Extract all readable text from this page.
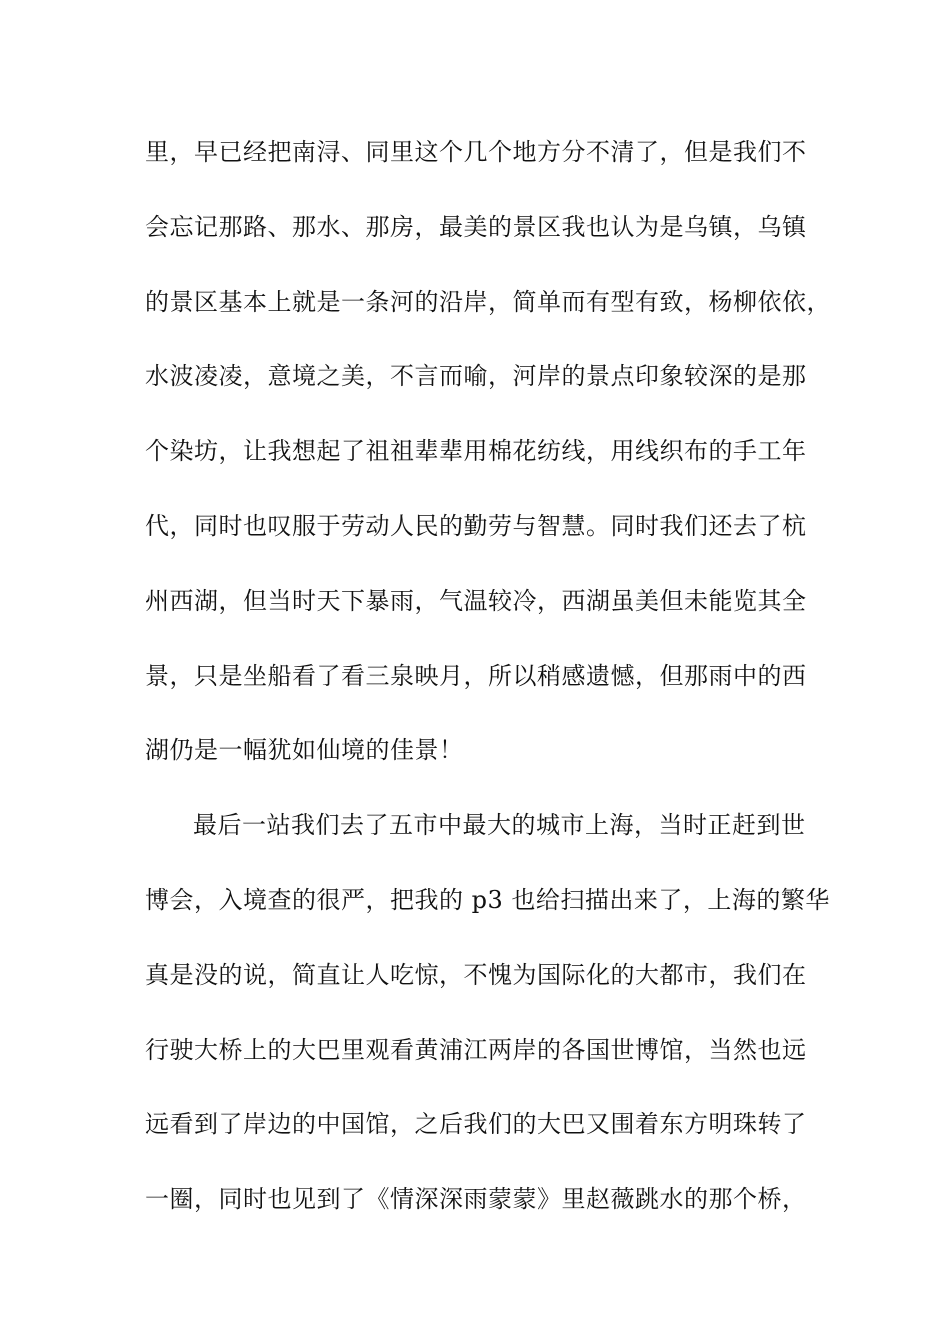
里，早已经把南浔、同里这个几个地方分不清了，但是我们不
会忘记那路、那水、那房，最美的景区我也认为是乌镇，乌镇
的景区基本上就是一条河的沿岸，简单而有型有致，杨柳依依，
水波凌凌，意境之美，不言而喻，河岸的景点印象较深的是那
个染坊，让我想起了祖祖辈辈用棉花纺线，用线织布的手工年
代，同时也叹服于劳动人民的勤劳与智慧。同时我们还去了杭
州西湖，但当时天下暴雨，气温较冷，西湖虽美但未能览其全
景，只是坐船看了看三泉映月，所以稍感遗憾，但那雨中的西
湖仍是一幅犹如仙境的佳景！
最后一站我们去了五市中最大的城市上海，当时正赶到世
博会，入境查的很严，把我的 p3 也给扫描出来了，上海的繁华
真是没的说，简直让人吃惊，不愧为国际化的大都市，我们在
行驶大桥上的大巴里观看黄浦江两岸的各国世博馆，当然也远
远看到了岸边的中国馆，之后我们的大巴又围着东方明珠转了
一圈，同时也见到了《情深深雨蒙蒙》里赵薇跳水的那个桥，
